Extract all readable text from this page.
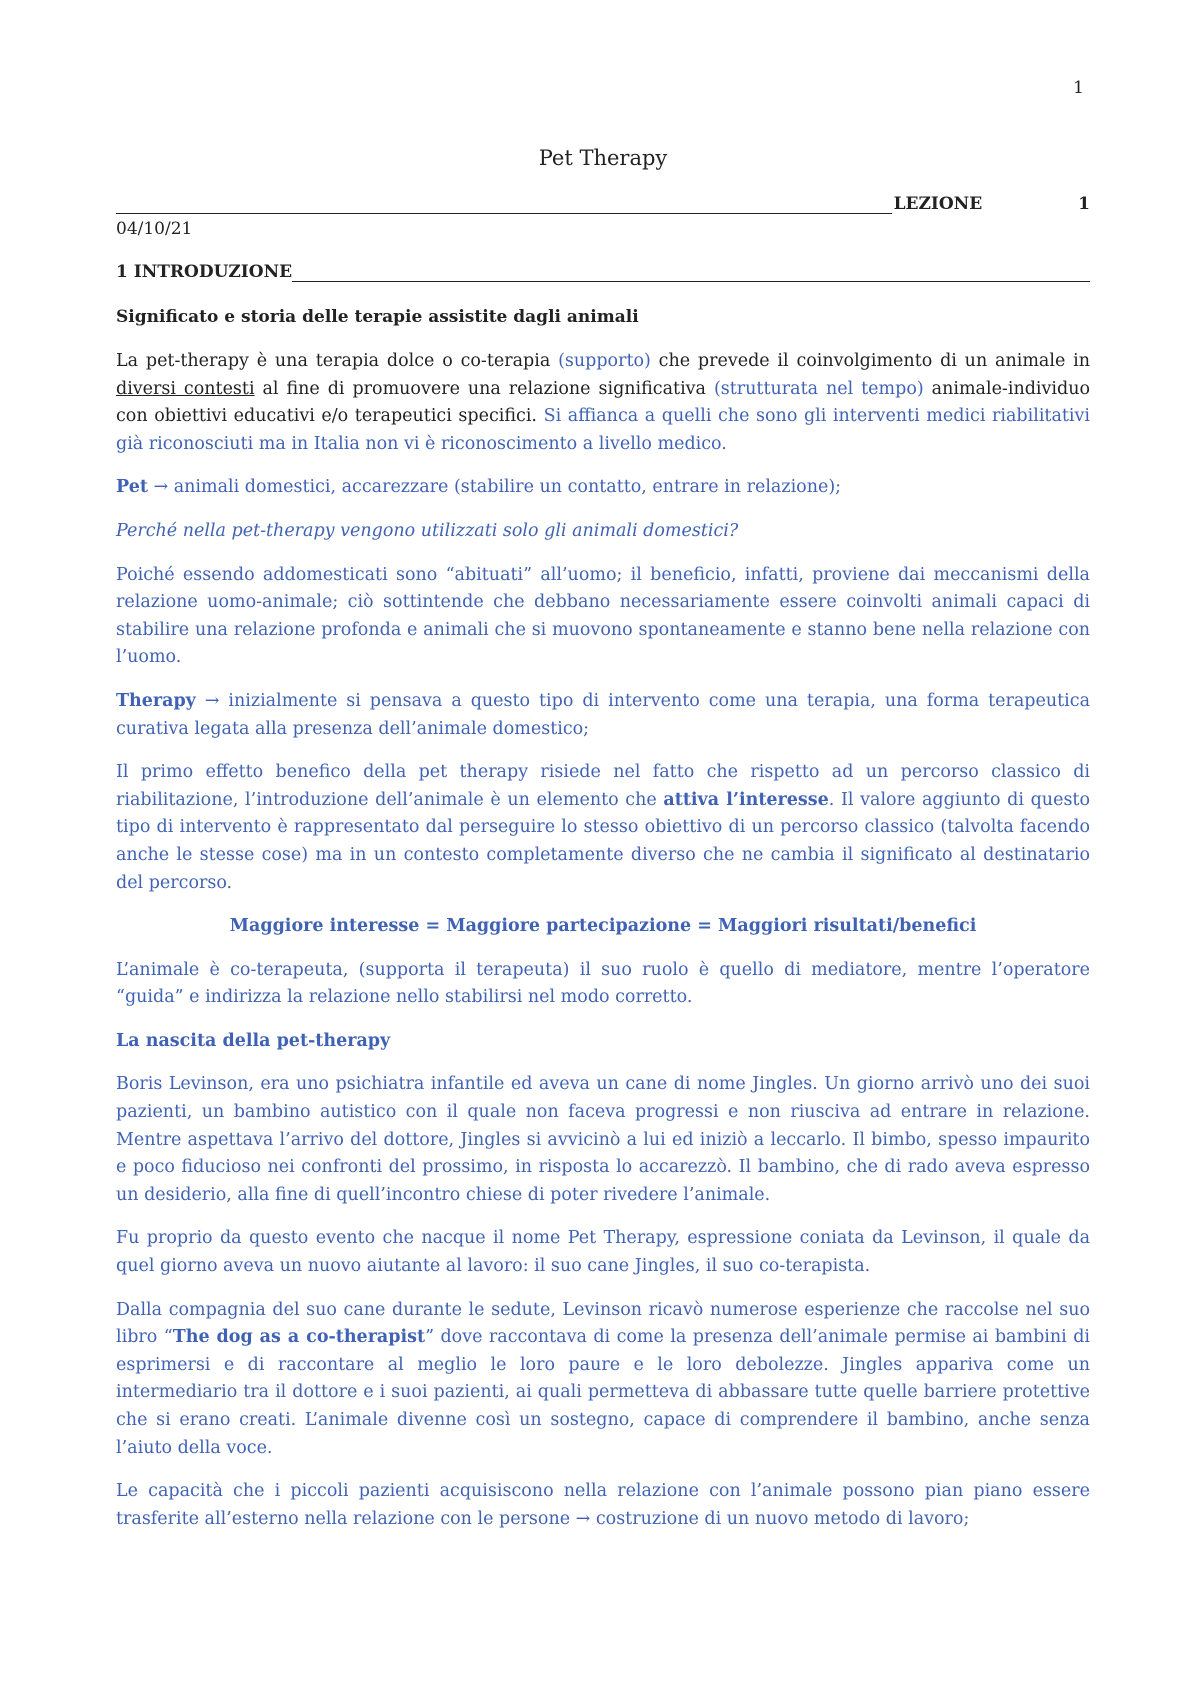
1
Pet Therapy
LEZIONE	1
04/10/21
1 INTRODUZIONE
Significato e storia delle terapie assistite dagli animali

La pet-therapy è una terapia dolce o co-terapia (supporto) che prevede il coinvolgimento di un animale in diversi contesti al fine di promuovere una relazione significativa (strutturata nel tempo) animale-individuo con obiettivi educativi e/o terapeutici specifici. Si affianca a quelli che sono gli interventi medici riabilitativi già riconosciuti ma in Italia non vi è riconoscimento a livello medico.

Pet → animali domestici, accarezzare (stabilire un contatto, entrare in relazione);

Perché nella pet-therapy vengono utilizzati solo gli animali domestici?

Poiché essendo addomesticati sono “abituati” all’uomo; il beneficio, infatti, proviene dai meccanismi della relazione uomo-animale; ciò sottintende che debbano necessariamente essere coinvolti animali capaci di stabilire una relazione profonda e animali che si muovono spontaneamente e stanno bene nella relazione con l’uomo.

Therapy → inizialmente si pensava a questo tipo di intervento come una terapia, una forma terapeutica curativa legata alla presenza dell’animale domestico;

Il primo effetto benefico della pet therapy risiede nel fatto che rispetto ad un percorso classico di riabilitazione, l’introduzione dell’animale è un elemento che attiva l’interesse. Il valore aggiunto di questo tipo di intervento è rappresentato dal perseguire lo stesso obiettivo di un percorso classico (talvolta facendo anche le stesse cose) ma in un contesto completamente diverso che ne cambia il significato al destinatario del percorso.

Maggiore interesse = Maggiore partecipazione = Maggiori risultati/benefici

L’animale è co-terapeuta, (supporta il terapeuta) il suo ruolo è quello di mediatore, mentre l’operatore “guida” e indirizza la relazione nello stabilirsi nel modo corretto.

La nascita della pet-therapy

Boris Levinson, era uno psichiatra infantile ed aveva un cane di nome Jingles. Un giorno arrivò uno dei suoi pazienti, un bambino autistico con il quale non faceva progressi e non riusciva ad entrare in relazione. Mentre aspettava l’arrivo del dottore, Jingles si avvicinò a lui ed iniziò a leccarlo. Il bimbo, spesso impaurito e poco fiducioso nei confronti del prossimo, in risposta lo accarezzò. Il bambino, che di rado aveva espresso un desiderio, alla fine di quell’incontro chiese di poter rivedere l’animale.

Fu proprio da questo evento che nacque il nome Pet Therapy, espressione coniata da Levinson, il quale da quel giorno aveva un nuovo aiutante al lavoro: il suo cane Jingles, il suo co-terapista.

Dalla compagnia del suo cane durante le sedute, Levinson ricavò numerose esperienze che raccolse nel suo libro “The dog as a co-therapist” dove raccontava di come la presenza dell’animale permise ai bambini di esprimersi e di raccontare al meglio le loro paure e le loro debolezze. Jingles appariva come un intermediario tra il dottore e i suoi pazienti, ai quali permetteva di abbassare tutte quelle barriere protettive che si erano creati. L’animale divenne così un sostegno, capace di comprendere il bambino, anche senza l’aiuto della voce.

Le capacità che i piccoli pazienti acquisiscono nella relazione con l’animale possono pian piano essere trasferite all’esterno nella relazione con le persone → costruzione di un nuovo metodo di lavoro;
